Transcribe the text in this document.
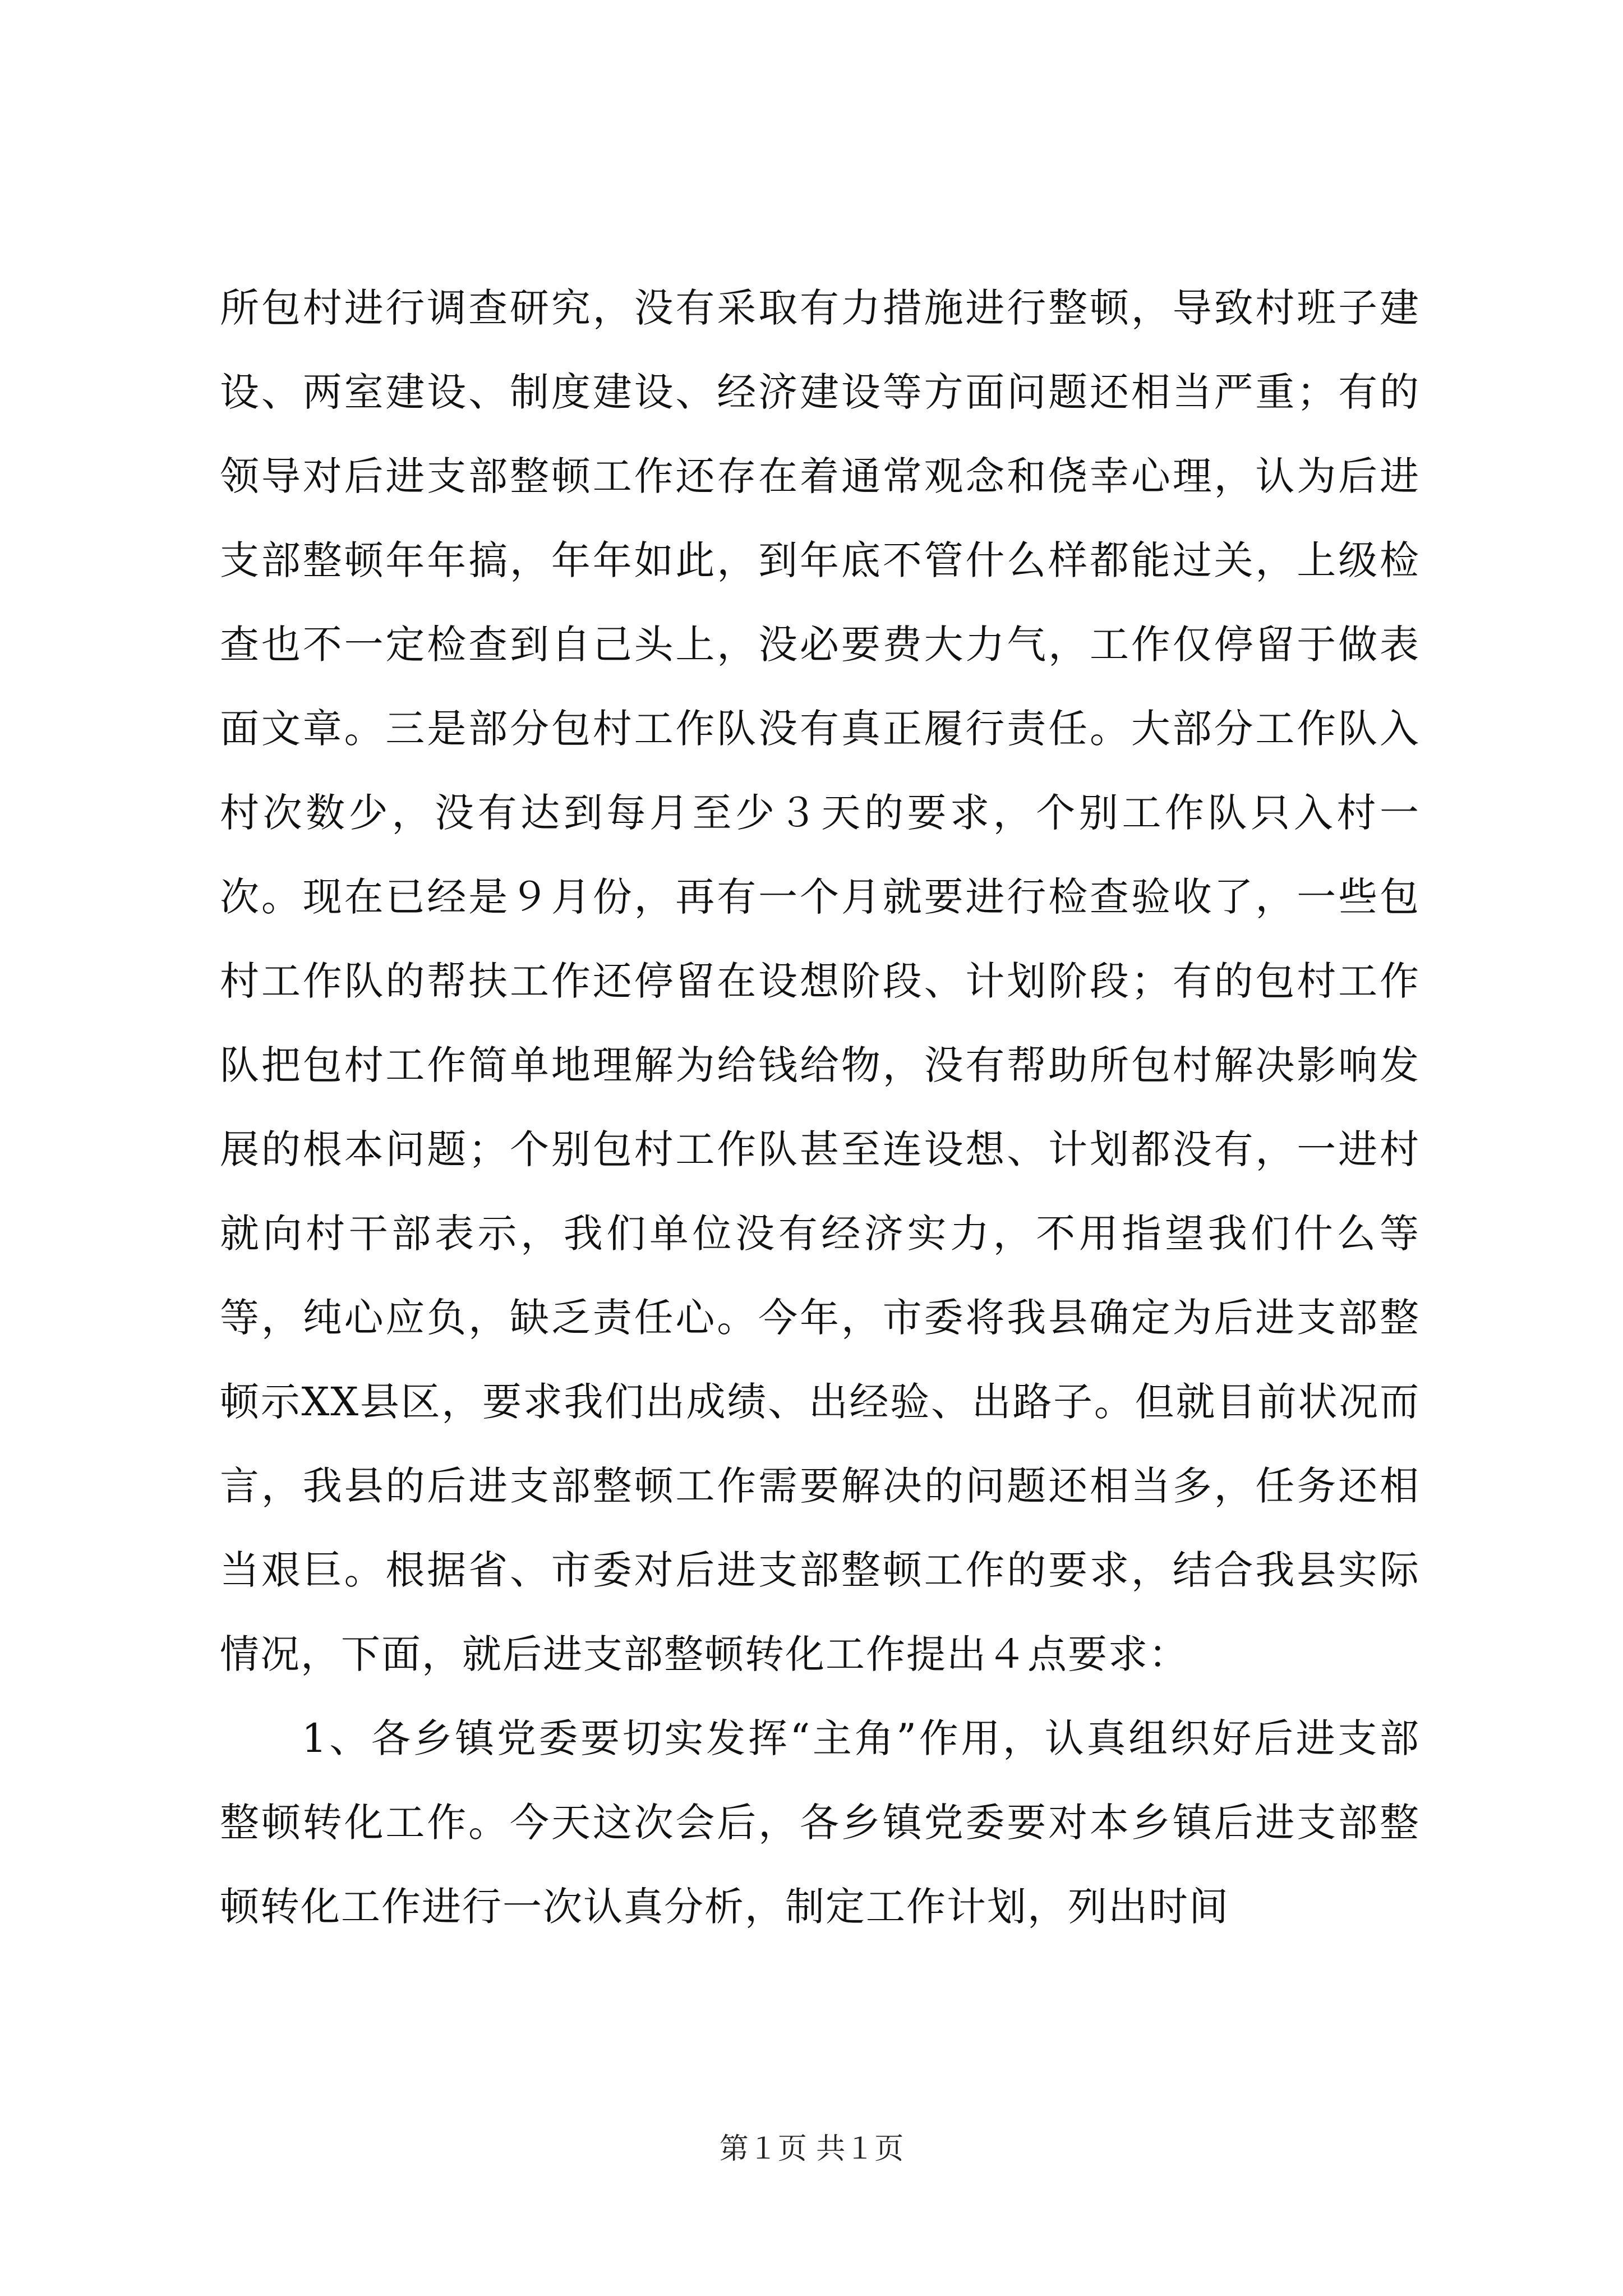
所包村进行调查研究，没有采取有力措施进行整顿，导致村班子建设、两室建设、制度建设、经济建设等方面问题还相当严重；有的领导对后进支部整顿工作还存在着通常观念和侥幸心理，认为后进支部整顿年年搞，年年如此，到年底不管什么样都能过关，上级检查也不一定检查到自己头上，没必要费大力气，工作仅停留于做表面文章。三是部分包村工作队没有真正履行责任。大部分工作队入村次数少，没有达到每月至少３天的要求，个别工作队只入村一次。现在已经是９月份，再有一个月就要进行检查验收了，一些包村工作队的帮扶工作还停留在设想阶段、计划阶段；有的包村工作队把包村工作简单地理解为给钱给物，没有帮助所包村解决影响发展的根本问题；个别包村工作队甚至连设想、计划都没有，一进村就向村干部表示，我们单位没有经济实力，不用指望我们什么等等，纯心应负，缺乏责任心。今年，市委将我县确定为后进支部整顿示XX县区，要求我们出成绩、出经验、出路子。但就目前状况而言，我县的后进支部整顿工作需要解决的问题还相当多，任务还相当艰巨。根据省、市委对后进支部整顿工作的要求，结合我县实际情况，下面，就后进支部整顿转化工作提出４点要求：

1、各乡镇党委要切实发挥“主角”作用，认真组织好后进支部整顿转化工作。今天这次会后，各乡镇党委要对本乡镇后进支部整顿转化工作进行一次认真分析，制定工作计划，列出时间

第１页 共１页
